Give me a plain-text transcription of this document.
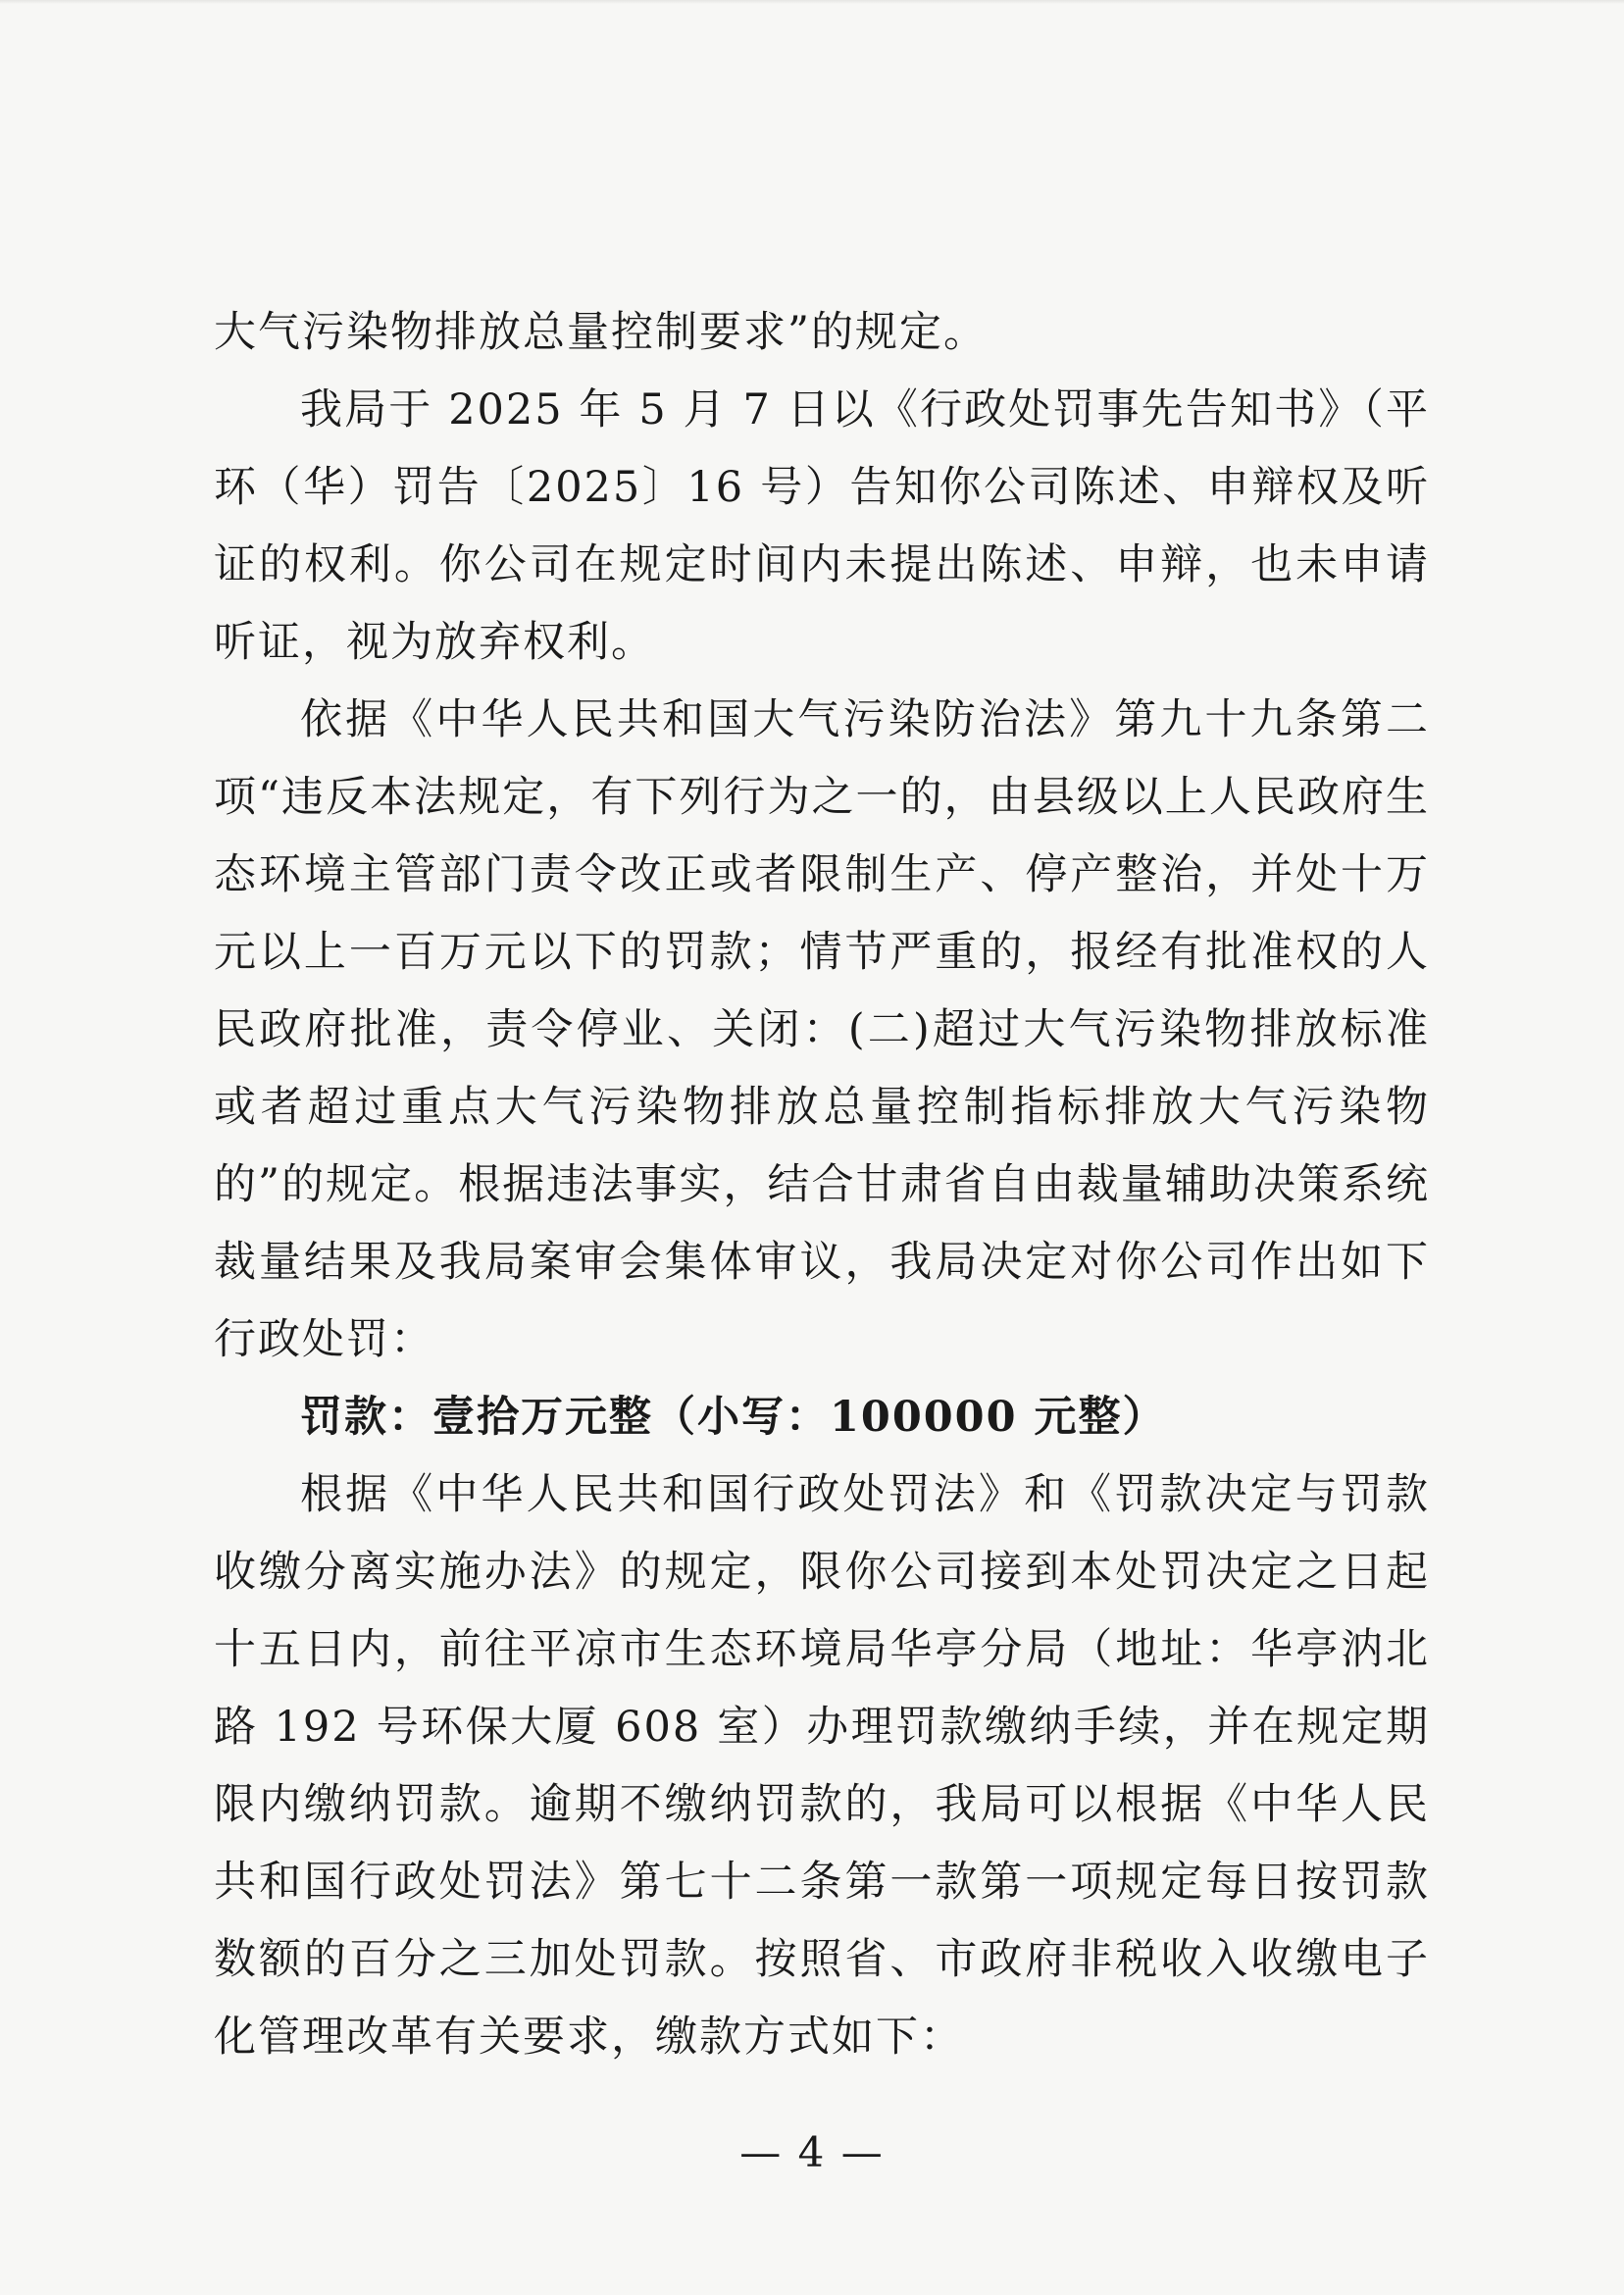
大气污染物排放总量控制要求”的规定。

我局于 2025 年 5 月 7 日以《行政处罚事先告知书》（平环（华）罚告〔2025〕16 号）告知你公司陈述、申辩权及听证的权利。你公司在规定时间内未提出陈述、申辩，也未申请听证，视为放弃权利。

依据《中华人民共和国大气污染防治法》第九十九条第二项“违反本法规定，有下列行为之一的，由县级以上人民政府生态环境主管部门责令改正或者限制生产、停产整治，并处十万元以上一百万元以下的罚款；情节严重的，报经有批准权的人民政府批准，责令停业、关闭：(二)超过大气污染物排放标准或者超过重点大气污染物排放总量控制指标排放大气污染物的”的规定。根据违法事实，结合甘肃省自由裁量辅助决策系统裁量结果及我局案审会集体审议，我局决定对你公司作出如下行政处罚：

罚款：壹拾万元整（小写：100000 元整）

根据《中华人民共和国行政处罚法》和《罚款决定与罚款收缴分离实施办法》的规定，限你公司接到本处罚决定之日起十五日内，前往平凉市生态环境局华亭分局（地址：华亭汭北路 192 号环保大厦 608 室）办理罚款缴纳手续，并在规定期限内缴纳罚款。逾期不缴纳罚款的，我局可以根据《中华人民共和国行政处罚法》第七十二条第一款第一项规定每日按罚款数额的百分之三加处罚款。按照省、市政府非税收入收缴电子化管理改革有关要求，缴款方式如下：

— 4 —
